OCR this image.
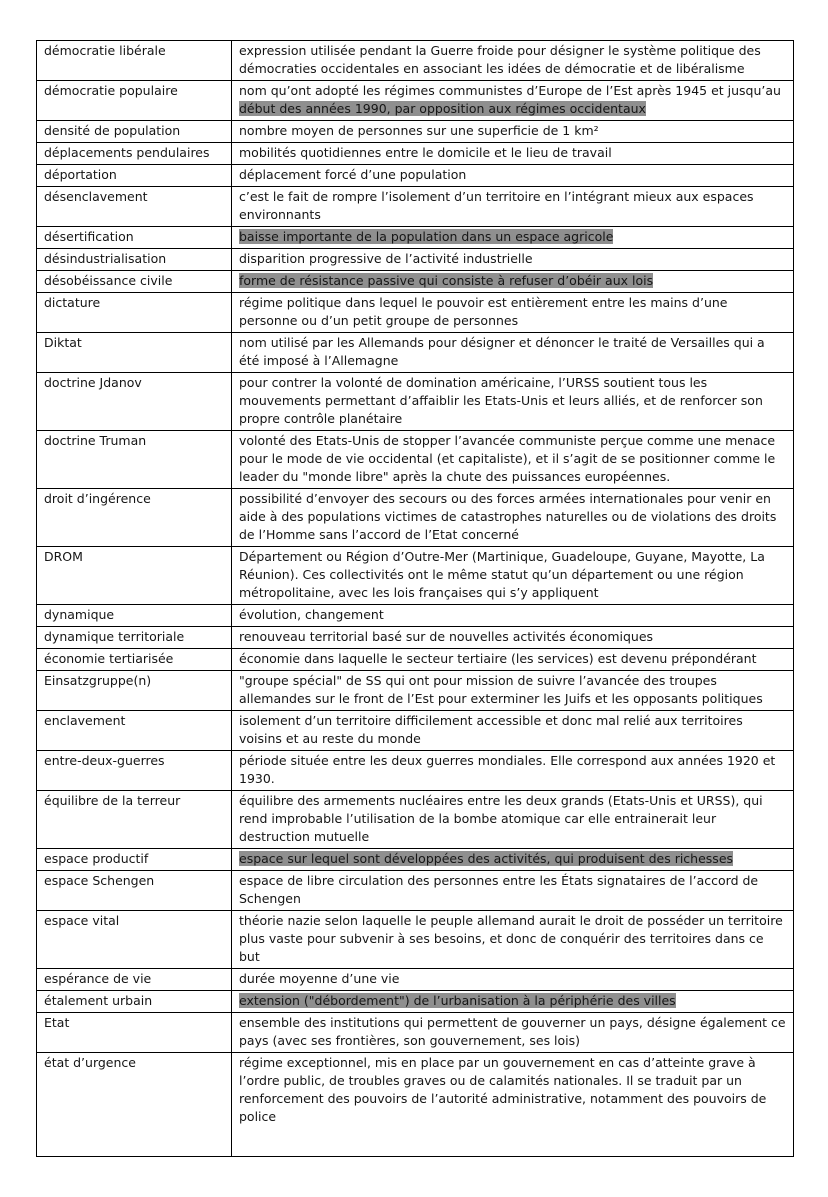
démocratie libérale	expression utilisée pendant la Guerre froide pour désigner le système politique des démocraties occidentales en associant les idées de démocratie et de libéralisme
démocratie populaire	nom qu’ont adopté les régimes communistes d’Europe de l’Est après 1945 et jusqu’au début des années 1990, par opposition aux régimes occidentaux
densité de population	nombre moyen de personnes sur une superficie de 1 km²
déplacements pendulaires	mobilités quotidiennes entre le domicile et le lieu de travail
déportation	déplacement forcé d’une population
désenclavement	c’est le fait de rompre l’isolement d’un territoire en l’intégrant mieux aux espaces environnants
désertification	baisse importante de la population dans un espace agricole
désindustrialisation	disparition progressive de l’activité industrielle
désobéissance civile	forme de résistance passive qui consiste à refuser d’obéir aux lois
dictature	régime politique dans lequel le pouvoir est entièrement entre les mains d’une personne ou d’un petit groupe de personnes
Diktat	nom utilisé par les Allemands pour désigner et dénoncer le traité de Versailles qui a été imposé à l’Allemagne
doctrine Jdanov	pour contrer la volonté de domination américaine, l’URSS soutient tous les mouvements permettant d’affaiblir les Etats-Unis et leurs alliés, et de renforcer son propre contrôle planétaire
doctrine Truman	volonté des Etats-Unis de stopper l’avancée communiste perçue comme une menace pour le mode de vie occidental (et capitaliste), et il s’agit de se positionner comme le leader du "monde libre" après la chute des puissances européennes.
droit d’ingérence	possibilité d’envoyer des secours ou des forces armées internationales pour venir en aide à des populations victimes de catastrophes naturelles ou de violations des droits de l’Homme sans l’accord de l’Etat concerné
DROM	Département ou Région d’Outre-Mer (Martinique, Guadeloupe, Guyane, Mayotte, La Réunion). Ces collectivités ont le même statut qu’un département ou une région métropolitaine, avec les lois françaises qui s’y appliquent
dynamique	évolution, changement
dynamique territoriale	renouveau territorial basé sur de nouvelles activités économiques
économie tertiarisée	économie dans laquelle le secteur tertiaire (les services) est devenu prépondérant
Einsatzgruppe(n)	"groupe spécial" de SS qui ont pour mission de suivre l’avancée des troupes allemandes sur le front de l’Est pour exterminer les Juifs et les opposants politiques
enclavement	isolement d’un territoire difficilement accessible et donc mal relié aux territoires voisins et au reste du monde
entre-deux-guerres	période située entre les deux guerres mondiales. Elle correspond aux années 1920 et 1930.
équilibre de la terreur	équilibre des armements nucléaires entre les deux grands (Etats-Unis et URSS), qui rend improbable l’utilisation de la bombe atomique car elle entrainerait leur destruction mutuelle
espace productif	espace sur lequel sont développées des activités, qui produisent des richesses
espace Schengen	espace de libre circulation des personnes entre les États signataires de l’accord de Schengen
espace vital	théorie nazie selon laquelle le peuple allemand aurait le droit de posséder un territoire plus vaste pour subvenir à ses besoins, et donc de conquérir des territoires dans ce but
espérance de vie	durée moyenne d’une vie
étalement urbain	extension ("débordement") de l’urbanisation à la périphérie des villes
Etat	ensemble des institutions qui permettent de gouverner un pays, désigne également ce pays (avec ses frontières, son gouvernement, ses lois)
état d’urgence	régime exceptionnel, mis en place par un gouvernement en cas d’atteinte grave à l’ordre public, de troubles graves ou de calamités nationales. Il se traduit par un renforcement des pouvoirs de l’autorité administrative, notamment des pouvoirs de police
